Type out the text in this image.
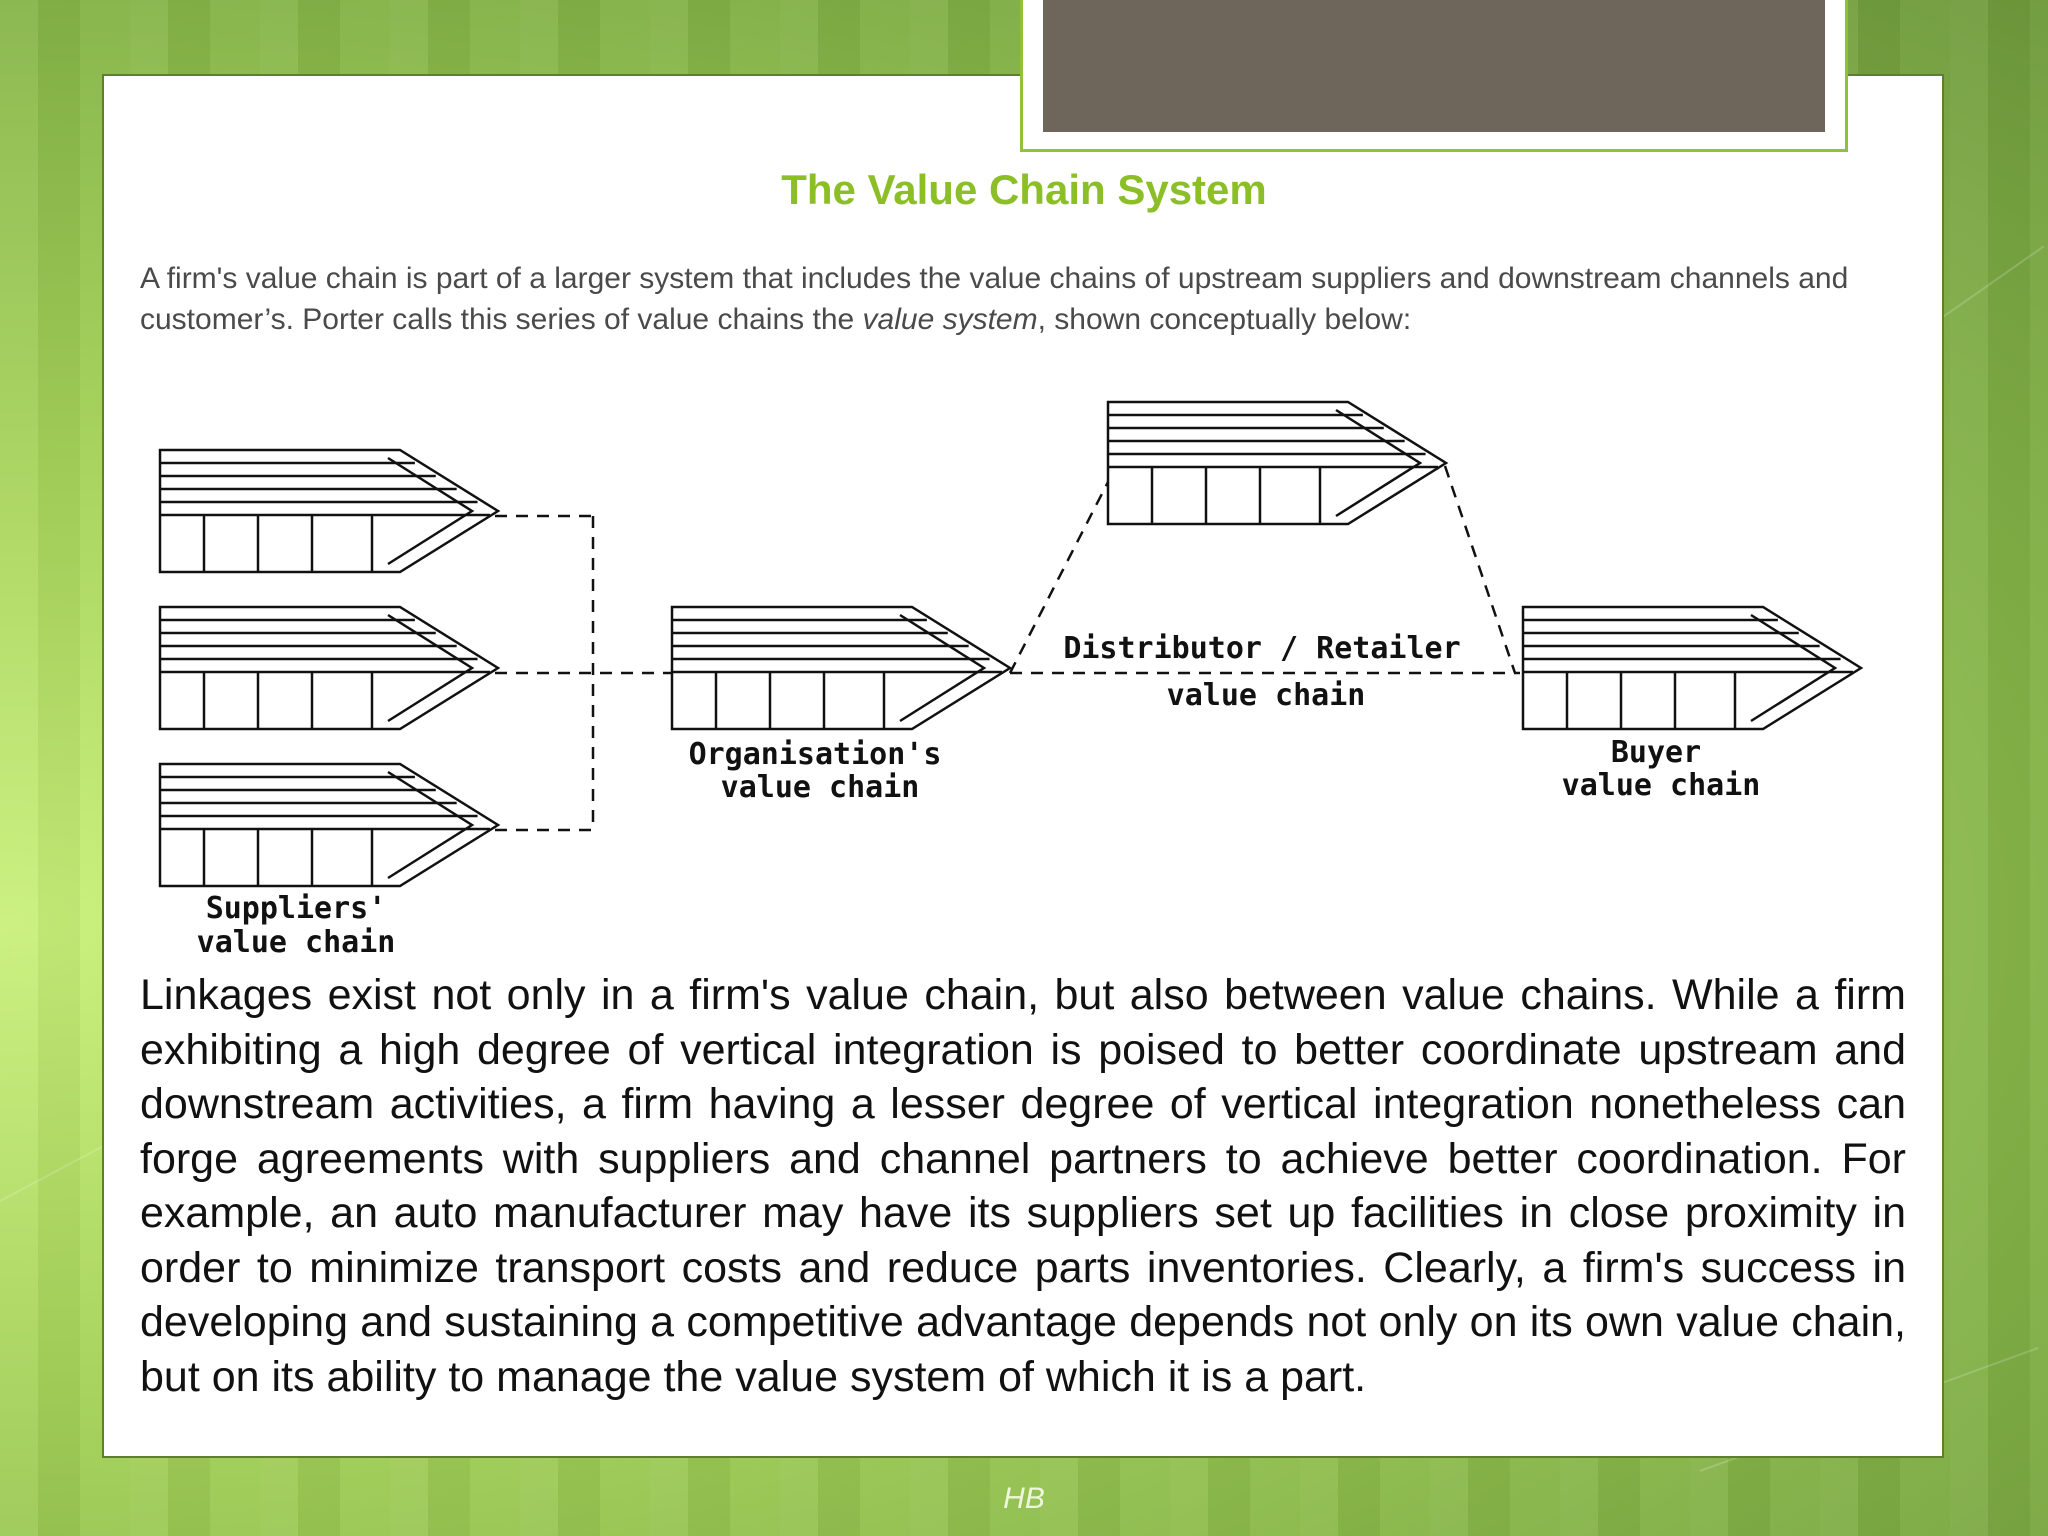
The Value Chain System

A firm's value chain is part of a larger system that includes the value chains of upstream suppliers and downstream channels and customer’s. Porter calls this series of value chains the value system, shown conceptually below:

Suppliers'
value chain
Organisation's
value chain
Distributor / Retailer
value chain
Buyer
value chain

Linkages exist not only in a firm's value chain, but also between value chains. While a firm exhibiting a high degree of vertical integration is poised to better coordinate upstream and downstream activities, a firm having a lesser degree of vertical integration nonetheless can forge agreements with suppliers and channel partners to achieve better coordination. For example, an auto manufacturer may have its suppliers set up facilities in close proximity in order to minimize transport costs and reduce parts inventories. Clearly, a firm's success in developing and sustaining a competitive advantage depends not only on its own value chain, but on its ability to manage the value system of which it is a part.

HB
